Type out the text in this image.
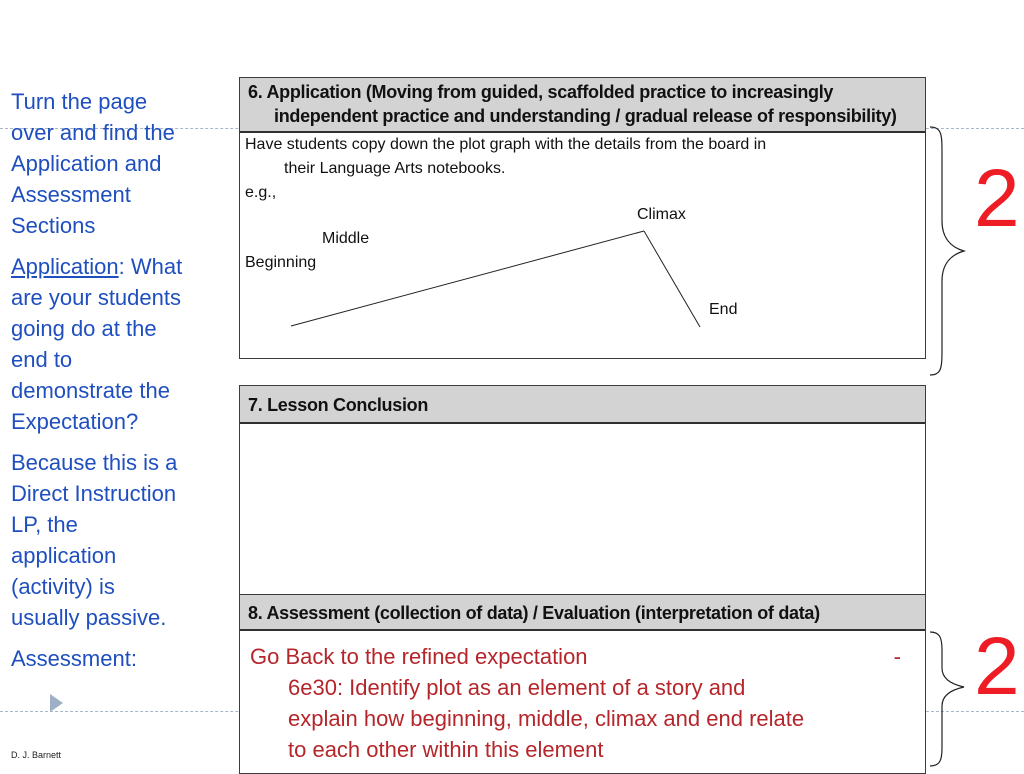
Turn the page over and find the Application and Assessment Sections

Application: What are your students going do at the end to demonstrate the Expectation?

Because this is a Direct Instruction LP, the application (activity) is usually passive.

Assessment:

6. Application (Moving from guided, scaffolded practice to increasingly
independent practice and understanding / gradual release of responsibility)
Have students copy down the plot graph with the details from the board in
their Language Arts notebooks.
e.g.,
Climax
Middle
Beginning
End
7. Lesson Conclusion
8. Assessment (collection of data) / Evaluation (interpretation of data)
Go Back to the refined expectation	-
6e30: Identify plot as an element of a story and
explain how beginning, middle, climax and end relate
to each other within this element
2
2
D. J. Barnett
